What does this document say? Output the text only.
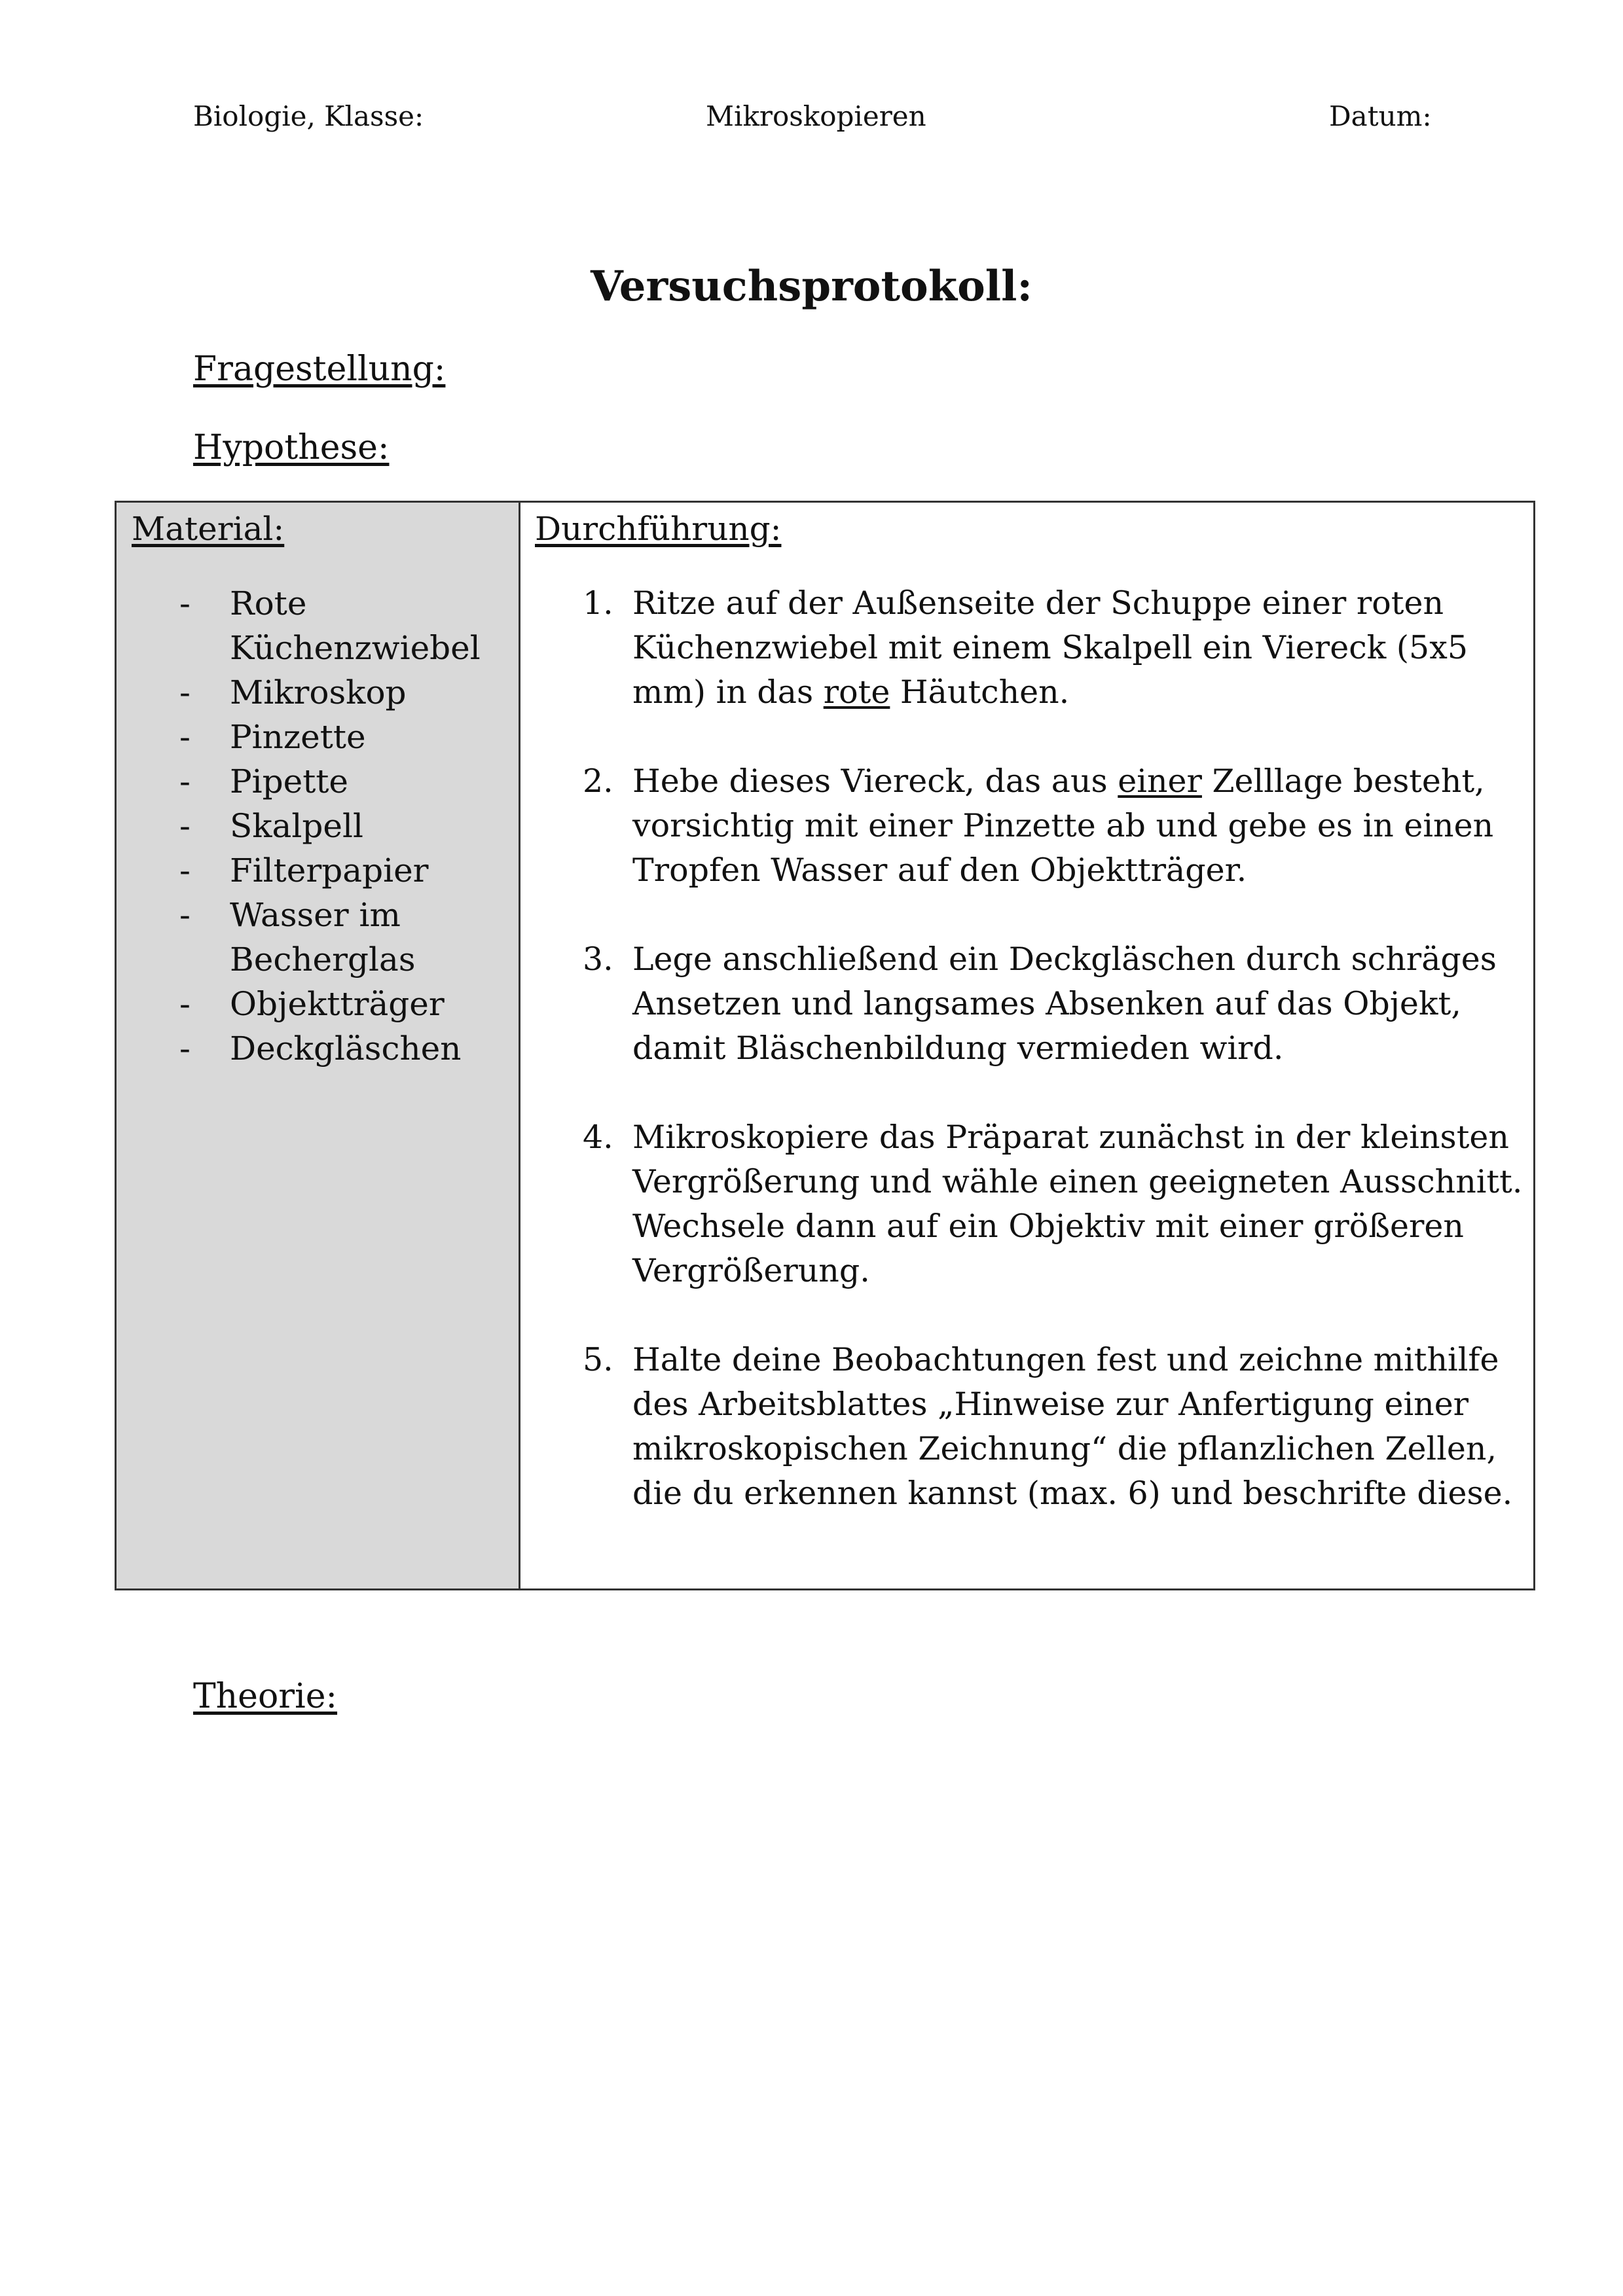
Biologie, Klasse:	Mikroskopieren	Datum:
Versuchsprotokoll:
Fragestellung:
Hypothese:
Material:
-	Rote Küchenzwiebel
-	Mikroskop
-	Pinzette
-	Pipette
-	Skalpell
-	Filterpapier
-	Wasser im Becherglas
-	Objektträger
-	Deckgläschen
Durchführung:
1. Ritze auf der Außenseite der Schuppe einer roten Küchenzwiebel mit einem Skalpell ein Viereck (5x5 mm) in das rote Häutchen.
2. Hebe dieses Viereck, das aus einer Zelllage besteht, vorsichtig mit einer Pinzette ab und gebe es in einen Tropfen Wasser auf den Objektträger.
3. Lege anschließend ein Deckgläschen durch schräges Ansetzen und langsames Absenken auf das Objekt, damit Bläschenbildung vermieden wird.
4. Mikroskopiere das Präparat zunächst in der kleinsten Vergrößerung und wähle einen geeigneten Ausschnitt. Wechsele dann auf ein Objektiv mit einer größeren Vergrößerung.
5. Halte deine Beobachtungen fest und zeichne mithilfe des Arbeitsblattes „Hinweise zur Anfertigung einer mikroskopischen Zeichnung“ die pflanzlichen Zellen, die du erkennen kannst (max. 6) und beschrifte diese.
Theorie:
